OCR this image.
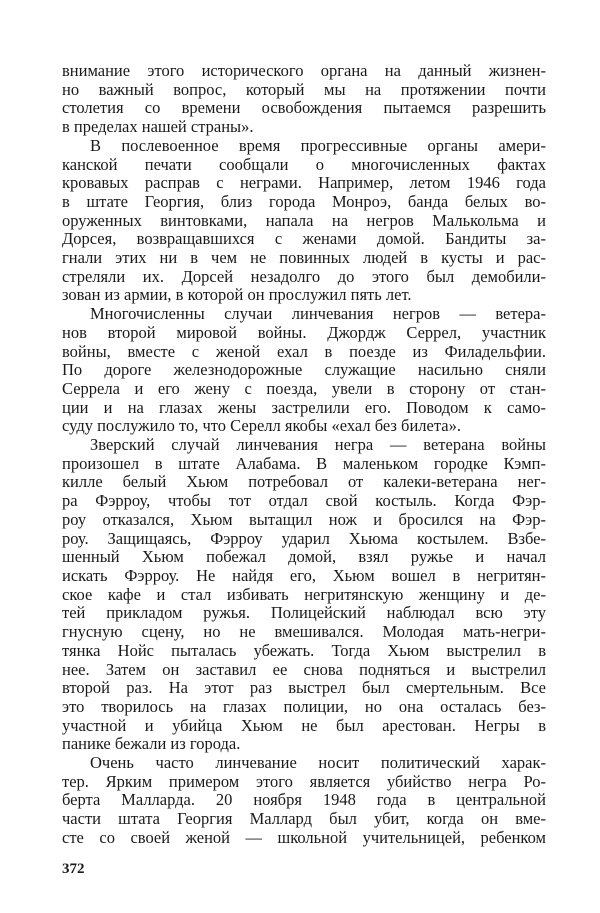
внимание этого исторического органа на данный жизнен-
но важный вопрос, который мы на протяжении почти
столетия со времени освобождения пытаемся разрешить
в пределах нашей страны».
В послевоенное время прогрессивные органы амери-
канской печати сообщали о многочисленных фактах
кровавых расправ с неграми. Например, летом 1946 года
в штате Георгия, близ города Монроэ, банда белых во-
оруженных винтовками, напала на негров Малькольма и
Дорсея, возвращавшихся с женами домой. Бандиты за-
гнали этих ни в чем не повинных людей в кусты и рас-
стреляли их. Дорсей незадолго до этого был демобили-
зован из армии, в которой он прослужил пять лет.
Многочисленны случаи линчевания негров — ветера-
нов второй мировой войны. Джордж Серрел, участник
войны, вместе с женой ехал в поезде из Филадельфии.
По дороге железнодорожные служащие насильно сняли
Серрела и его жену с поезда, увели в сторону от стан-
ции и на глазах жены застрелили его. Поводом к само-
суду послужило то, что Серелл якобы «ехал без билета».
Зверский случай линчевания негра — ветерана войны
произошел в штате Алабама. В маленьком городке Кэмп-
килле белый Хьюм потребовал от калеки-ветерана нег-
ра Фэрроу, чтобы тот отдал свой костыль. Когда Фэр-
роу отказался, Хьюм вытащил нож и бросился на Фэр-
роу. Защищаясь, Фэрроу ударил Хьюма костылем. Взбе-
шенный Хьюм побежал домой, взял ружье и начал
искать Фэрроу. Не найдя его, Хьюм вошел в негритян-
ское кафе и стал избивать негритянскую женщину и де-
тей прикладом ружья. Полицейский наблюдал всю эту
гнусную сцену, но не вмешивался. Молодая мать-негри-
тянка Нойс пыталась убежать. Тогда Хьюм выстрелил в
нее. Затем он заставил ее снова подняться и выстрелил
второй раз. На этот раз выстрел был смертельным. Все
это творилось на глазах полиции, но она осталась без-
участной и убийца Хьюм не был арестован. Негры в
панике бежали из города.
Очень часто линчевание носит политический харак-
тер. Ярким примером этого является убийство негра Ро-
берта Малларда. 20 ноября 1948 года в центральной
части штата Георгия Маллард был убит, когда он вме-
сте со своей женой — школьной учительницей, ребенком
372
